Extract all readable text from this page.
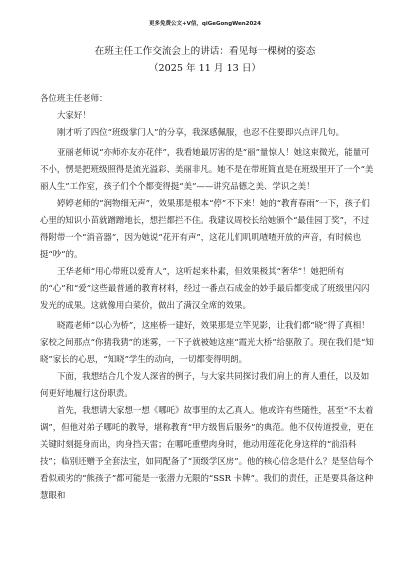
更多免费公文+V信，qiGeGongWen2024
在班主任工作交流会上的讲话：看见每一棵树的姿态
（2025 年 11 月 13 日）

各位班主任老师：

大家好！

刚才听了四位“班级掌门人”的分享，我深感佩服，也忍不住要即兴点评几句。

亚丽老师说“亦师亦友亦花伴”，我看她最厉害的是“丽”量惊人！她这束微光，能量可不小，愣是把班级照得是流光溢彩、美丽非凡。她不是在带班简直是在班级里开了一个“美丽人生”工作室，孩子们个个都变得挺“美”——讲究品德之美、学识之美！

婷婷老师的“润物细无声”，效果那是根本“停”不下来！她的“教育春雨”一下，孩子们心里的知识小苗就蹭蹭地长，想拦都拦不住。我建议周校长给她颁个“最佳园丁奖”，不过得附带一个“消音器”，因为她说“花开有声”，这花儿们叽叽喳喳开放的声音，有时候也挺“吵”的。

王华老师“用心带班以爱育人”，这听起来朴素，但效果极其“奢华”！她把所有的“心”和“爱”这些最普通的教育材料，经过一番点石成金的妙手最后都变成了班级里闪闪发光的成果。这就像用白菜价，做出了满汉全席的效果。

晓霞老师“以心为桥”，这座桥一建好，效果那是立竿见影，让我们都“晓”得了真相！家校之间那点“你猜我猜”的迷雾，一下子就被她这座“霞光大桥”给驱散了。现在我们是“知晓”家长的心思，“知晓”学生的动向，一切都变得明朗。

下面，我想结合几个发人深省的例子，与大家共同探讨我们肩上的育人重任，以及如何更好地履行这份职责。

首先，我想请大家想一想《哪吒》故事里的太乙真人。他或许有些随性，甚至“不太着调”，但他对弟子哪吒的教导，堪称教育“甲方级售后服务”的典范。他不仅传道授业，更在关键时刻挺身而出，肉身挡天雷；在哪吒重塑肉身时，他动用莲花化身这样的“前沿科技”；临别还赠予全套法宝，如同配备了“顶级学区房”。他的核心信念是什么？是坚信每个看似顽劣的“熊孩子”都可能是一张潜力无限的“SSR 卡牌”。我们的责任，正是要具备这种慧眼和
